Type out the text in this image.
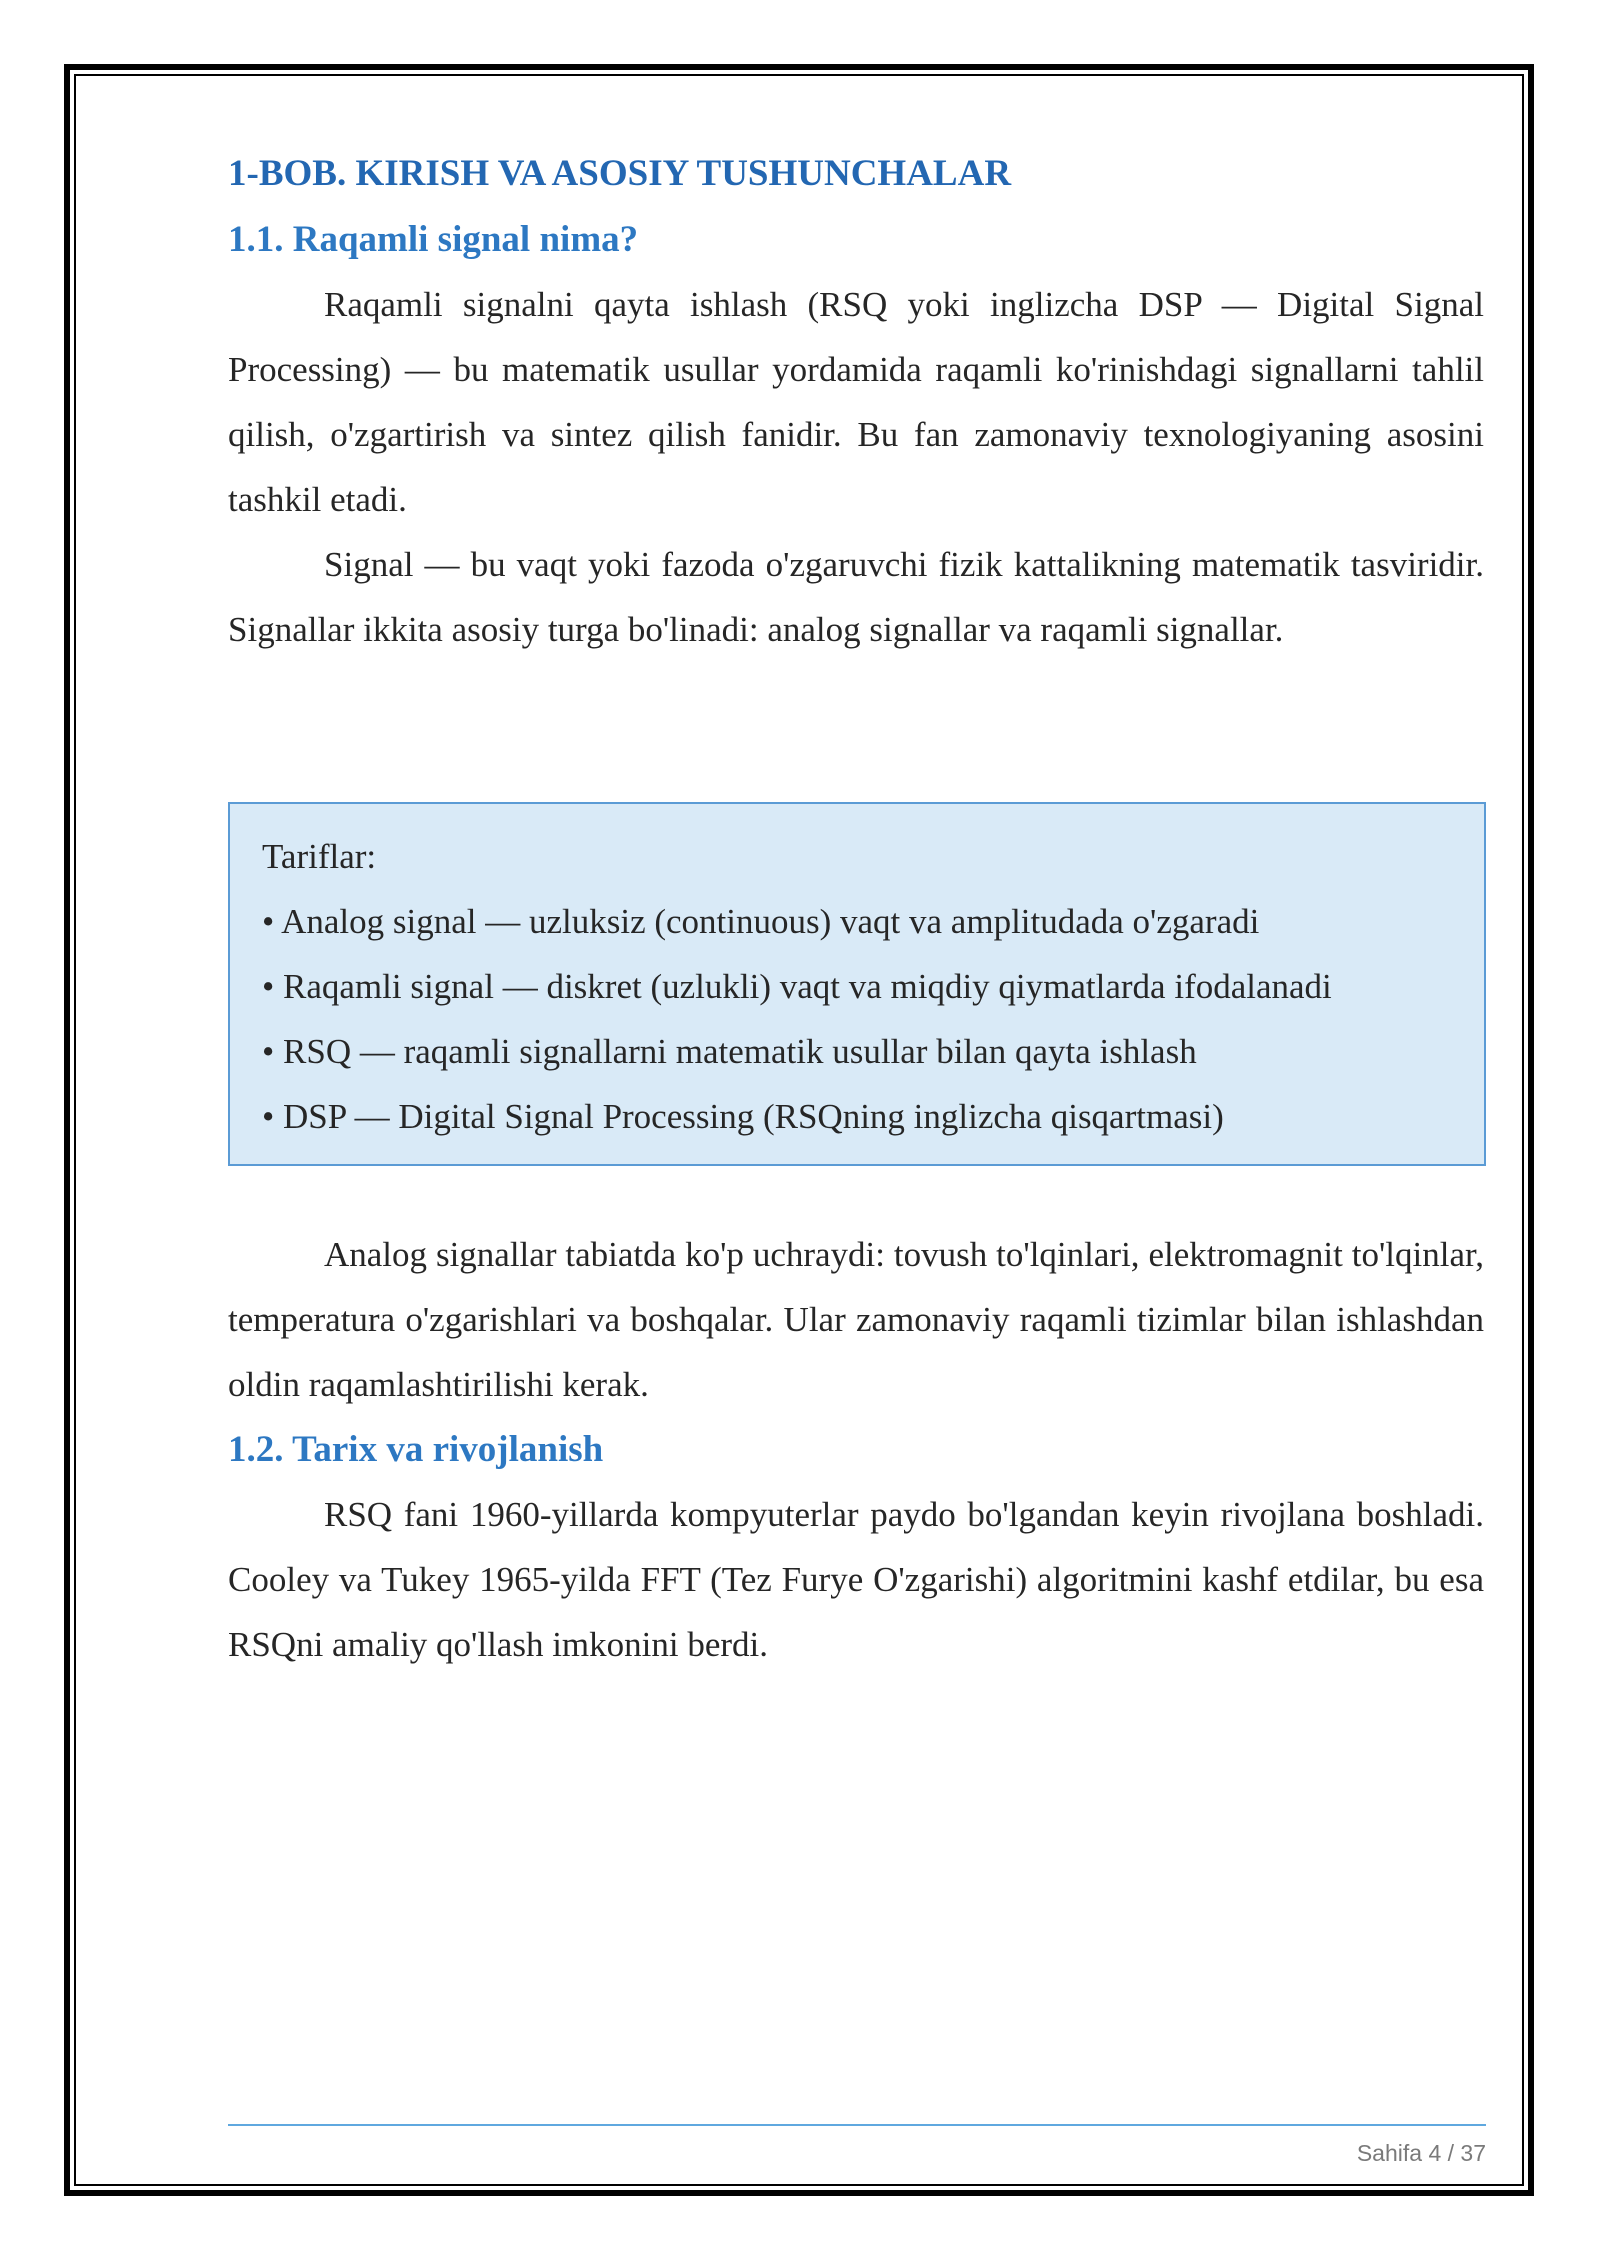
1-BOB. KIRISH VA ASOSIY TUSHUNCHALAR
1.1. Raqamli signal nima?

Raqamli signalni qayta ishlash (RSQ yoki inglizcha DSP — Digital Signal Processing) — bu matematik usullar yordamida raqamli ko'rinishdagi signallarni tahlil qilish, o'zgartirish va sintez qilish fanidir. Bu fan zamonaviy texnologiyaning asosini tashkil etadi.

Signal — bu vaqt yoki fazoda o'zgaruvchi fizik kattalikning matematik tasviridir. Signallar ikkita asosiy turga bo'linadi: analog signallar va raqamli signallar.

Tariflar:

• Analog signal — uzluksiz (continuous) vaqt va amplitudada o'zgaradi

• Raqamli signal — diskret (uzlukli) vaqt va miqdiy qiymatlarda ifodalanadi

• RSQ — raqamli signallarni matematik usullar bilan qayta ishlash

• DSP — Digital Signal Processing (RSQning inglizcha qisqartmasi)

Analog signallar tabiatda ko'p uchraydi: tovush to'lqinlari, elektromagnit to'lqinlar, temperatura o'zgarishlari va boshqalar. Ular zamonaviy raqamli tizimlar bilan ishlashdan oldin raqamlashtirilishi kerak.

1.2. Tarix va rivojlanish

RSQ fani 1960-yillarda kompyuterlar paydo bo'lgandan keyin rivojlana boshladi. Cooley va Tukey 1965-yilda FFT (Tez Furye O'zgarishi) algoritmini kashf etdilar, bu esa RSQni amaliy qo'llash imkonini berdi.

Sahifa 4 / 37
